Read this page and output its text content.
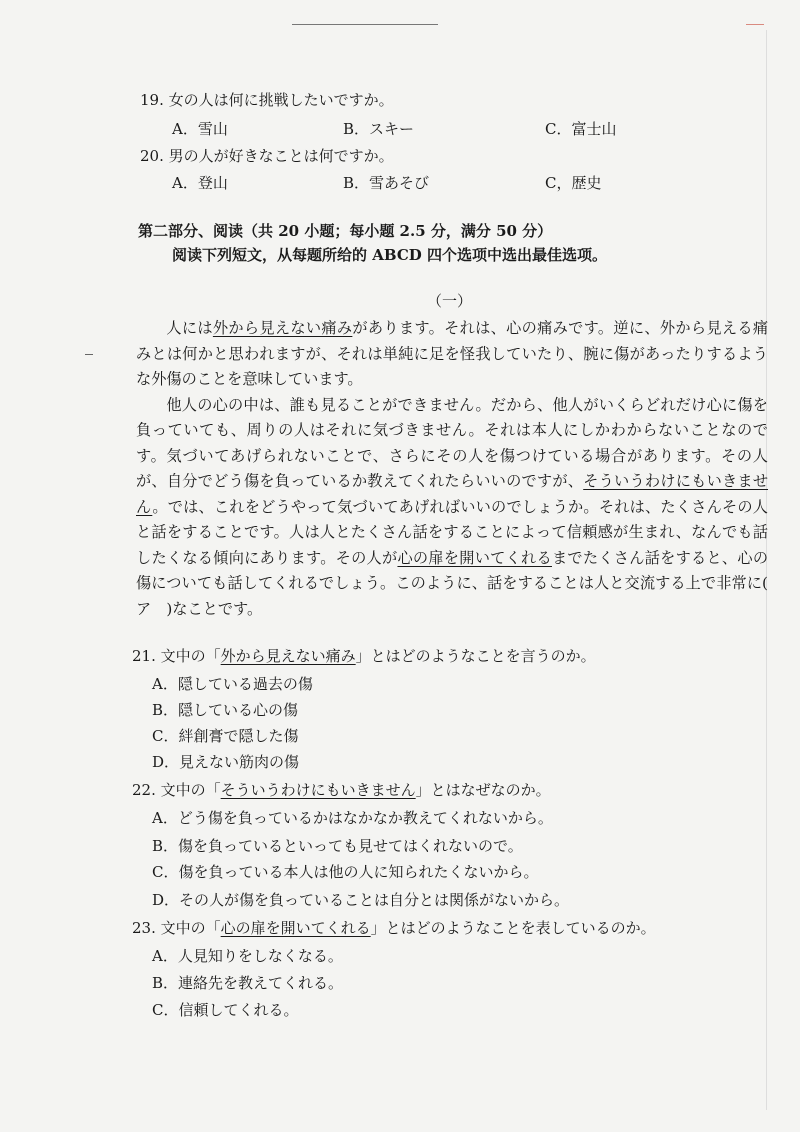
19. 女の人は何に挑戦したいですか。
A．雪山	B．スキー	C．富士山
20. 男の人が好きなことは何ですか。
A．登山	B．雪あそび	C，歴史
第二部分、阅读（共 20 小题；每小题 2.5 分，满分 50 分）
阅读下列短文，从每题所给的 ABCD 四个选项中选出最佳选项。
（一）

人には外から見えない痛みがあります。それは、心の痛みです。逆に、外から見える痛みとは何かと思われますが、それは単純に足を怪我していたり、腕に傷があったりするような外傷のことを意味しています。

他人の心の中は、誰も見ることができません。だから、他人がいくらどれだけ心に傷を負っていても、周りの人はそれに気づきません。それは本人にしかわからないことなのです。気づいてあげられないことで、さらにその人を傷つけている場合があります。その人が、自分でどう傷を負っているか教えてくれたらいいのですが、そういうわけにもいきません。では、これをどうやって気づいてあげればいいのでしょうか。それは、たくさんその人と話をすることです。人は人とたくさん話をすることによって信頼感が生まれ、なんでも話したくなる傾向にあります。その人が心の扉を開いてくれるまでたくさん話をすると、心の傷についても話してくれるでしょう。このように、話をすることは人と交流する上で非常に(　ア　)なことです。

21. 文中の「外から見えない痛み」とはどのようなことを言うのか。
A．隠している過去の傷
B．隠している心の傷
C．絆創膏で隠した傷
D．見えない筋肉の傷
22. 文中の「そういうわけにもいきません」とはなぜなのか。
A．どう傷を負っているかはなかなか教えてくれないから。
B．傷を負っているといっても見せてはくれないので。
C．傷を負っている本人は他の人に知られたくないから。
D．その人が傷を負っていることは自分とは関係がないから。
23. 文中の「心の扉を開いてくれる」とはどのようなことを表しているのか。
A．人見知りをしなくなる。
B．連絡先を教えてくれる。
C．信頼してくれる。
